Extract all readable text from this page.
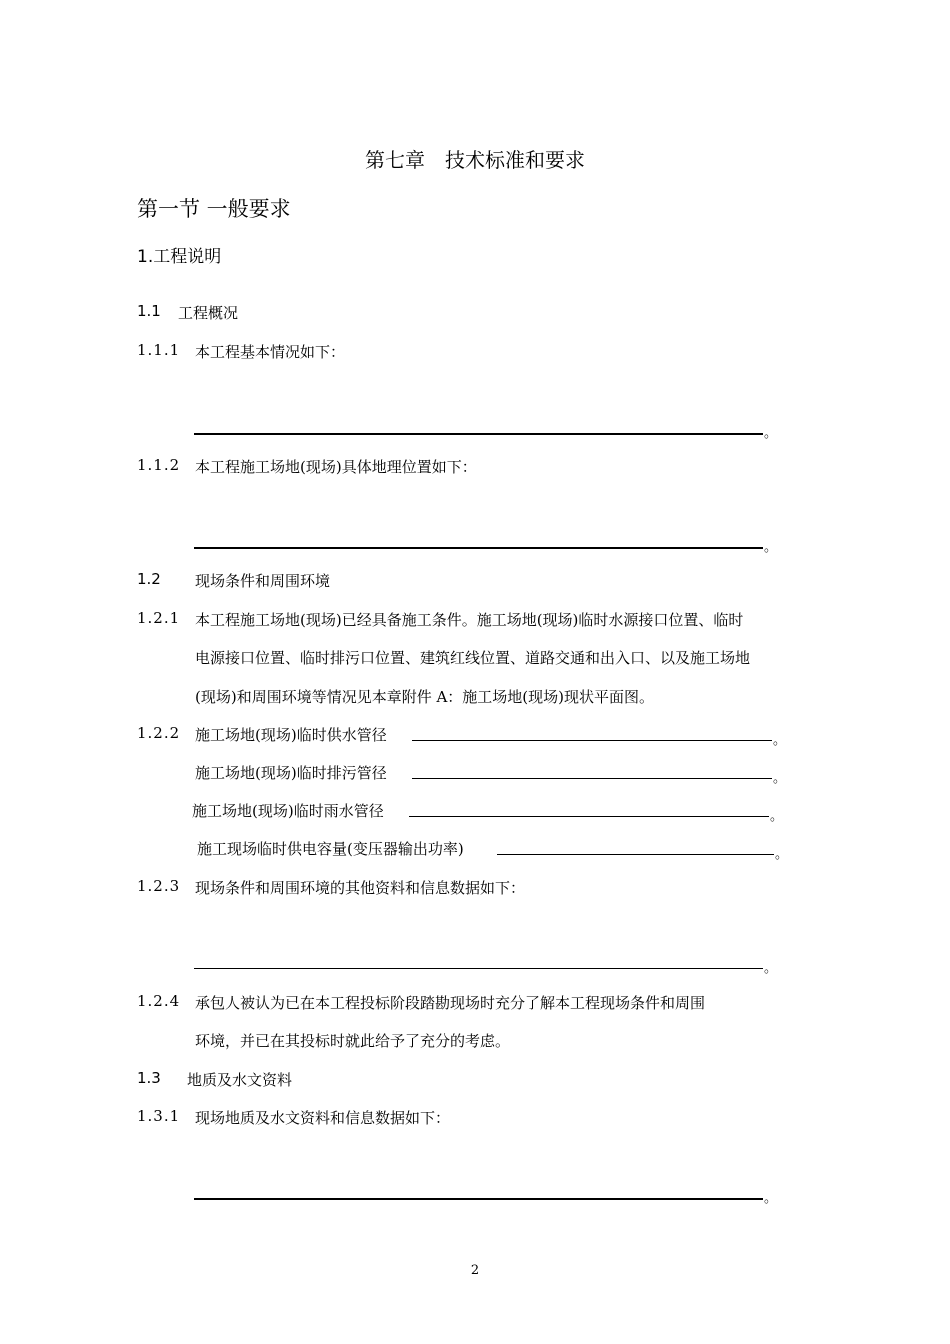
第七章　技术标准和要求
第一节 一般要求
1.工程说明
1.1 工程概况
1.1.1 本工程基本情况如下：
。
1.1.2 本工程施工场地(现场)具体地理位置如下：
。
1.2 现场条件和周围环境
1.2.1 本工程施工场地(现场)已经具备施工条件。施工场地(现场)临时水源接口位置、临时
电源接口位置、临时排污口位置、建筑红线位置、道路交通和出入口、以及施工场地
(现场)和周围环境等情况见本章附件 A：施工场地(现场)现状平面图。
1.2.2 施工场地(现场)临时供水管径	。
施工场地(现场)临时排污管径	。
施工场地(现场)临时雨水管径	。
施工现场临时供电容量(变压器输出功率)	。
1.2.3 现场条件和周围环境的其他资料和信息数据如下：
。
1.2.4 承包人被认为已在本工程投标阶段踏勘现场时充分了解本工程现场条件和周围
环境，并已在其投标时就此给予了充分的考虑。
1.3 地质及水文资料
1.3.1 现场地质及水文资料和信息数据如下：
。
2
